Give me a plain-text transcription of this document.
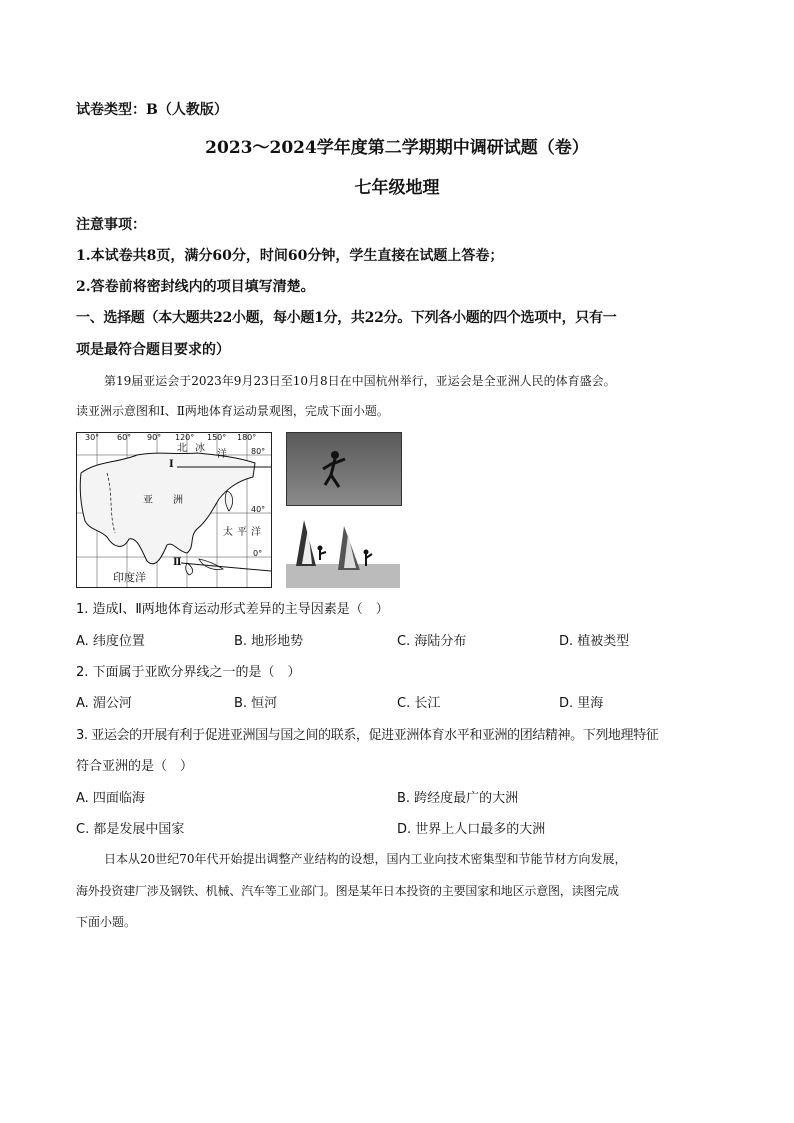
试卷类型：B（人教版）
2023～2024学年度第二学期期中调研试题（卷）
七年级地理
注意事项：
1.本试卷共8页，满分60分，时间60分钟，学生直接在试题上答卷；
2.答卷前将密封线内的项目填写清楚。
一、选择题（本大题共22小题，每小题1分，共22分。下列各小题的四个选项中，只有一
项是最符合题目要求的）
第19届亚运会于2023年9月23日至10月8日在中国杭州举行，亚运会是全亚洲人民的体育盛会。
读亚洲示意图和Ⅰ、Ⅱ两地体育运动景观图，完成下面小题。
30° 60° 90° 120° 150° 180°
80°
40°
0°
北 冰
洋
亚 洲
太 平 洋
印度洋
Ⅰ
Ⅱ
1. 造成Ⅰ、Ⅱ两地体育运动形式差异的主导因素是（　）
A. 纬度位置	B. 地形地势	C. 海陆分布	D. 植被类型
2. 下面属于亚欧分界线之一的是（　）
A. 湄公河	B. 恒河	C. 长江	D. 里海
3. 亚运会的开展有利于促进亚洲国与国之间的联系，促进亚洲体育水平和亚洲的团结精神。下列地理特征
符合亚洲的是（　）
A. 四面临海	B. 跨经度最广的大洲
C. 都是发展中国家	D. 世界上人口最多的大洲
日本从20世纪70年代开始提出调整产业结构的设想，国内工业向技术密集型和节能节材方向发展，
海外投资建厂涉及钢铁、机械、汽车等工业部门。图是某年日本投资的主要国家和地区示意图，读图完成
下面小题。
